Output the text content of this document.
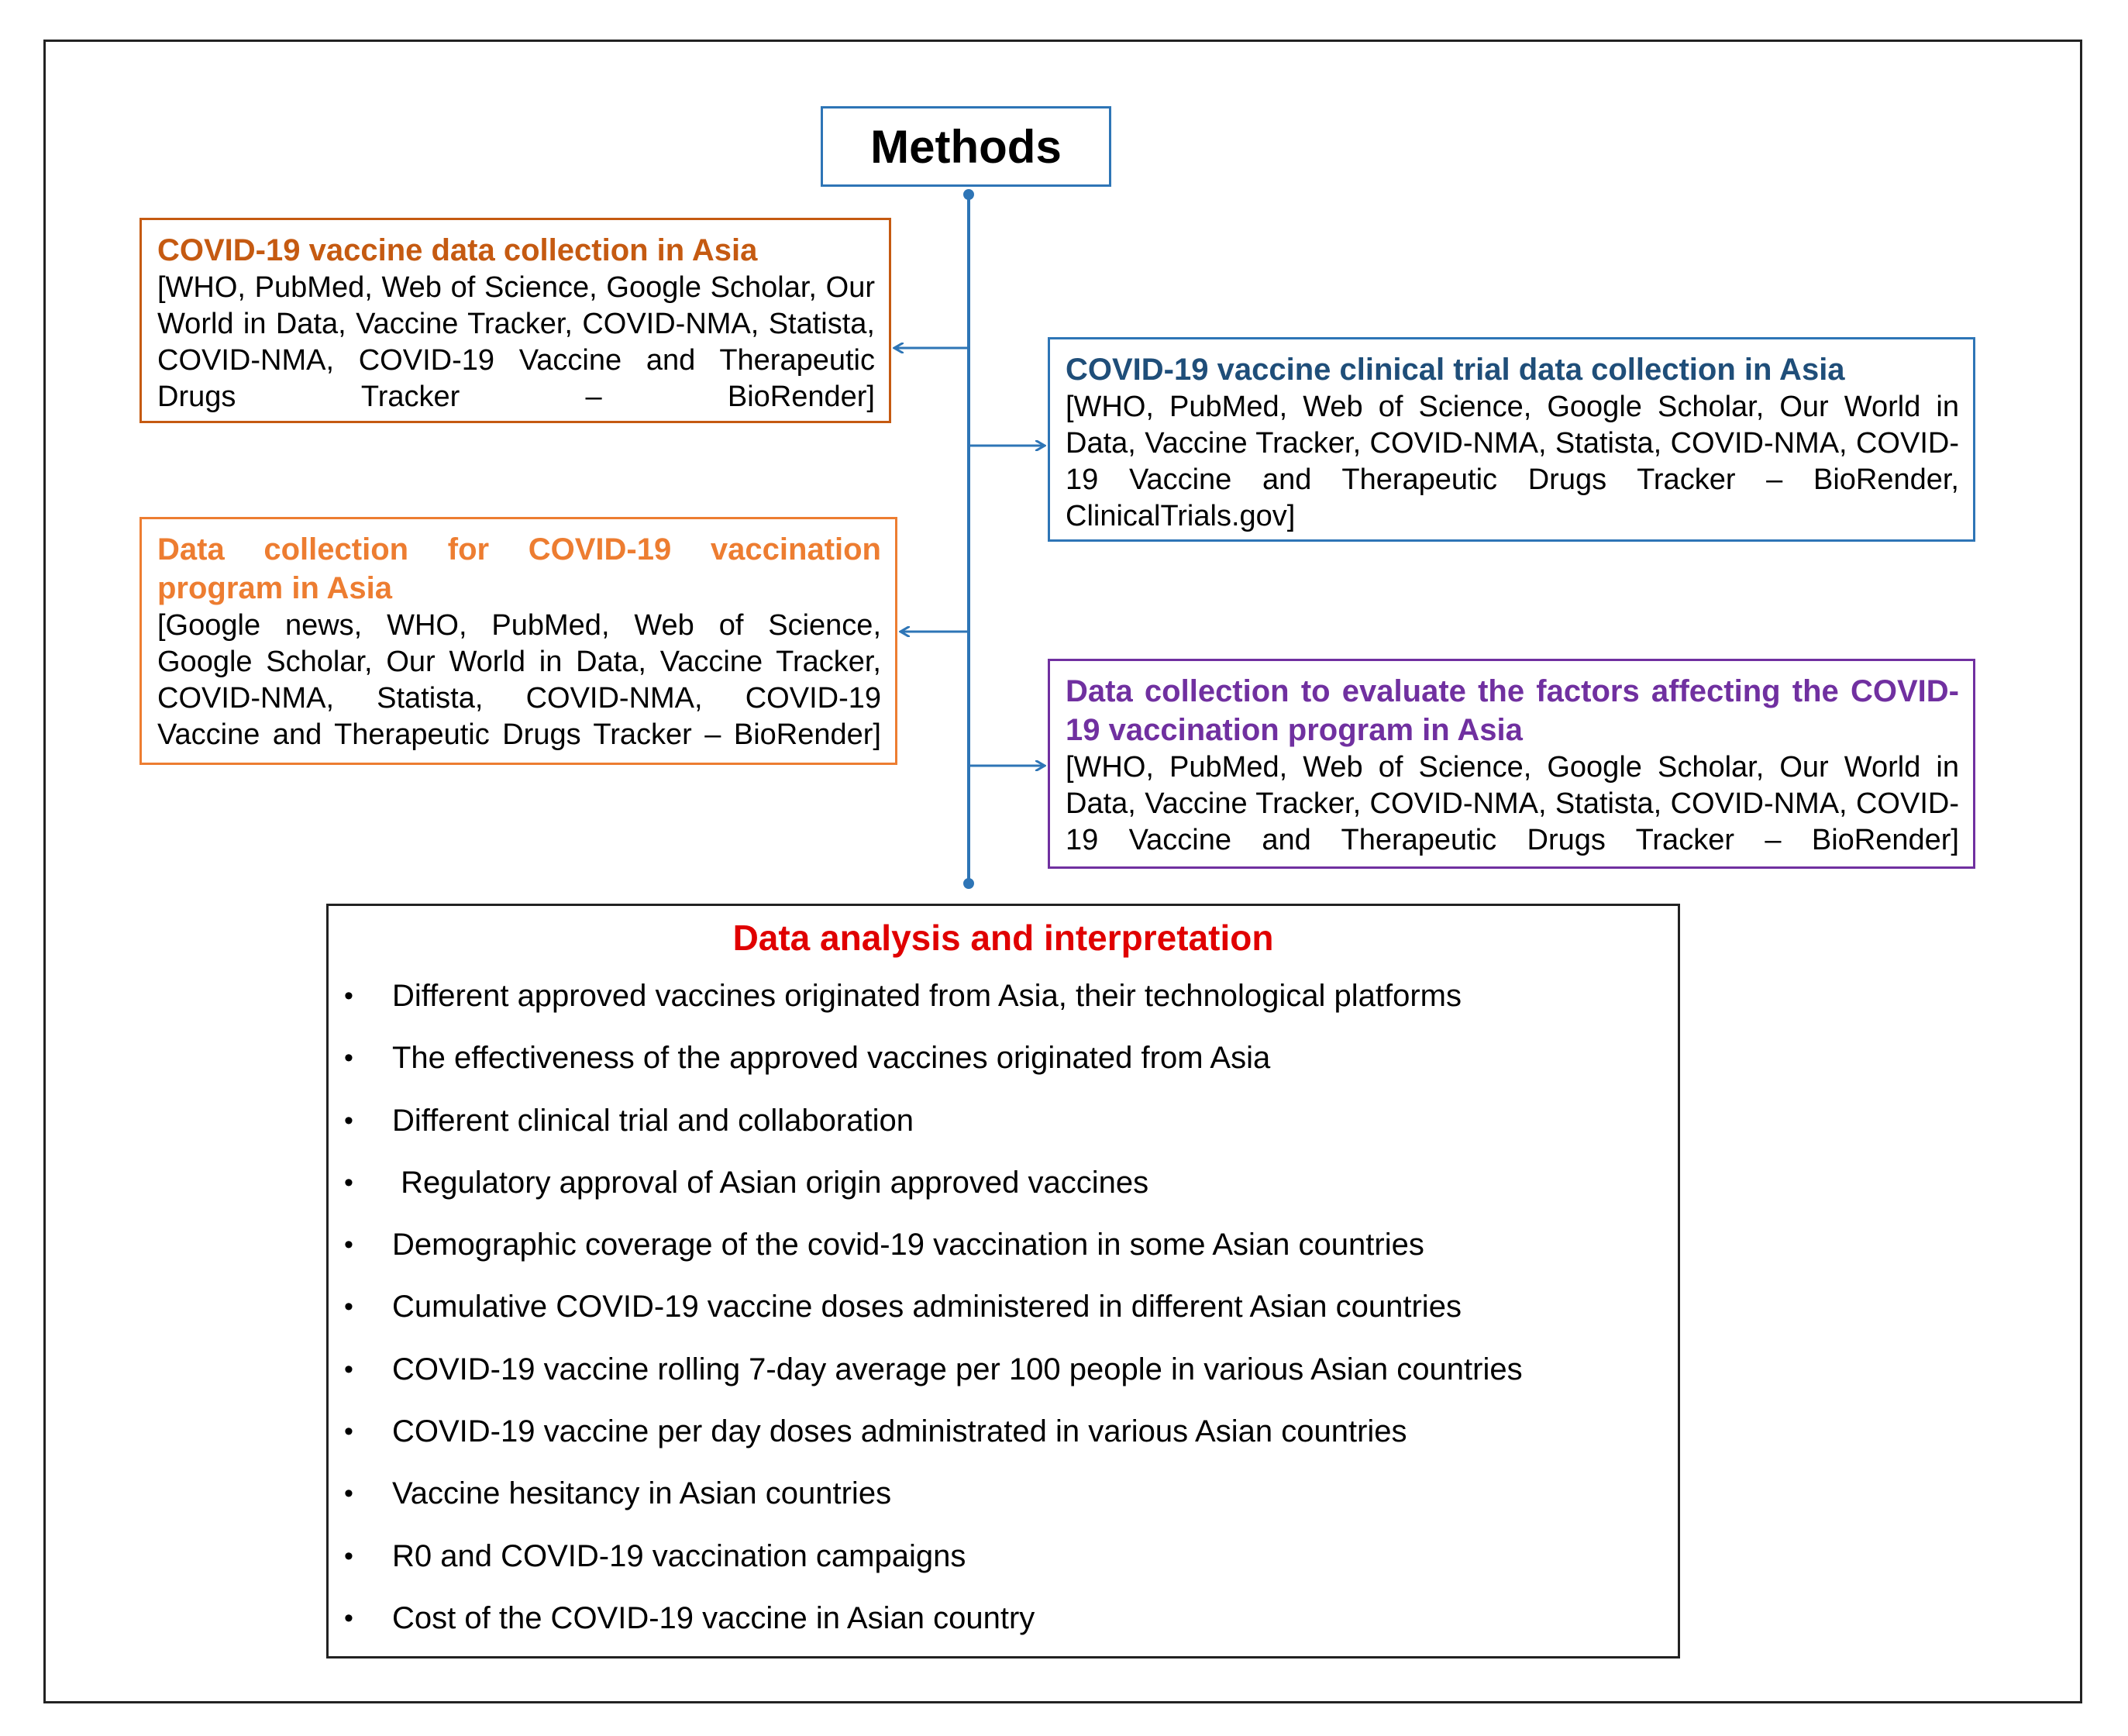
Methods
COVID-19 vaccine data collection in Asia
[WHO, PubMed, Web of Science, Google Scholar, Our World in Data, Vaccine Tracker, COVID-NMA, Statista, COVID-NMA, COVID-19 Vaccine and Therapeutic Drugs Tracker – BioRender]
COVID-19 vaccine clinical trial data collection in Asia
[WHO, PubMed, Web of Science, Google Scholar, Our World in Data, Vaccine Tracker, COVID-NMA, Statista, COVID-NMA, COVID-19 Vaccine and Therapeutic Drugs Tracker – BioRender, ClinicalTrials.gov]
Data collection for COVID-19 vaccination program in Asia
[Google news, WHO, PubMed, Web of Science, Google Scholar, Our World in Data, Vaccine Tracker, COVID-NMA, Statista, COVID-NMA, COVID-19 Vaccine and Therapeutic Drugs Tracker – BioRender]
Data collection to evaluate the factors affecting the COVID-19 vaccination program in Asia
[WHO, PubMed, Web of Science, Google Scholar, Our World in Data, Vaccine Tracker, COVID-NMA, Statista, COVID-NMA, COVID-19 Vaccine and Therapeutic Drugs Tracker – BioRender]
Data analysis and interpretation
•	Different approved vaccines originated from Asia, their technological platforms
•	The effectiveness of the approved vaccines originated from Asia
•	Different clinical trial and collaboration
•	Regulatory approval of Asian origin approved vaccines
•	Demographic coverage of the covid-19 vaccination in some Asian countries
•	Cumulative COVID-19 vaccine doses administered in different Asian countries
•	COVID-19 vaccine rolling 7-day average per 100 people in various Asian countries
•	COVID-19 vaccine per day doses administrated in various Asian countries
•	Vaccine hesitancy in Asian countries
•	R0 and COVID-19 vaccination campaigns
•	Cost of the COVID-19 vaccine in Asian country
